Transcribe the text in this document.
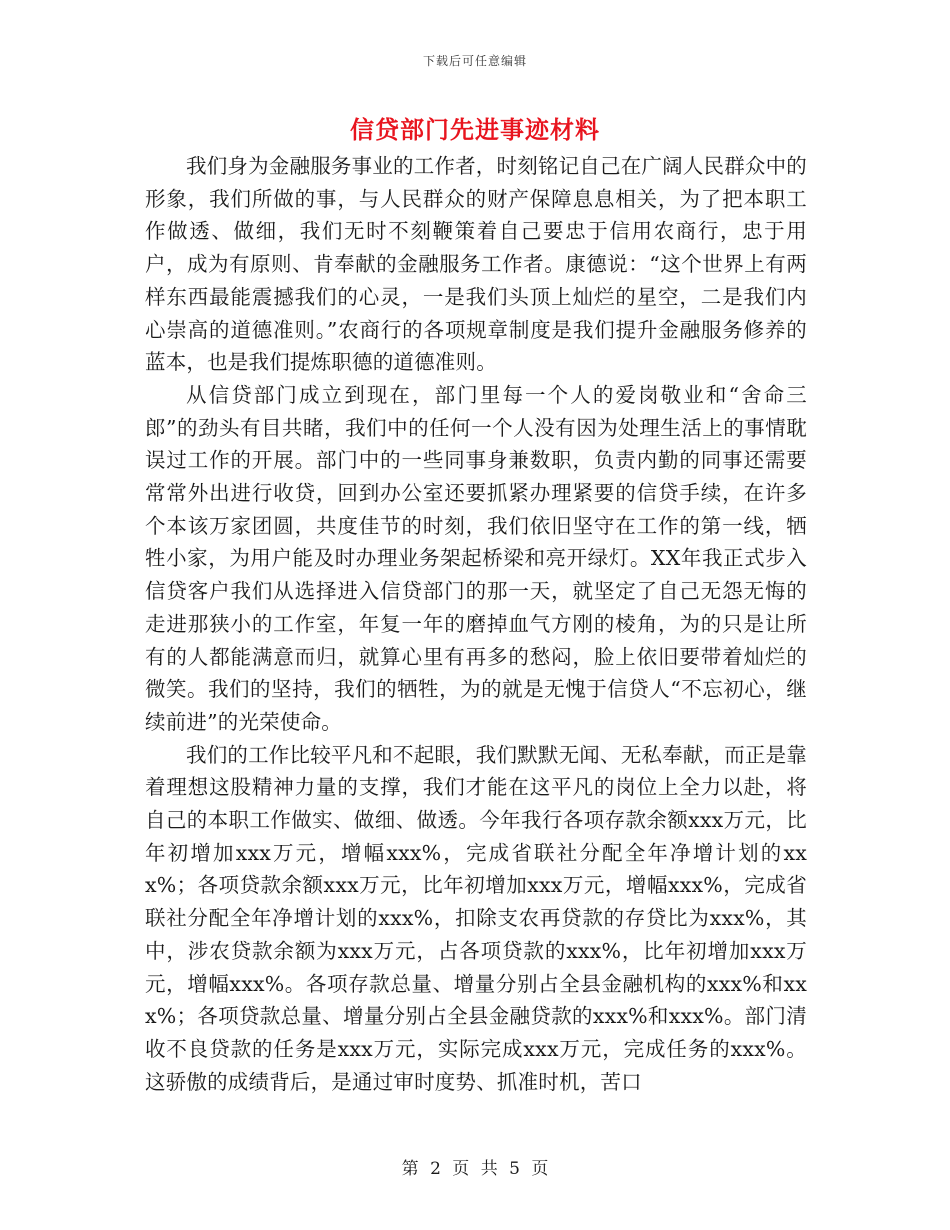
下载后可任意编辑
信贷部门先进事迹材料

我们身为金融服务事业的工作者，时刻铭记自己在广阔人民群众中的形象，我们所做的事，与人民群众的财产保障息息相关，为了把本职工作做透、做细，我们无时不刻鞭策着自己要忠于信用农商行，忠于用户，成为有原则、肯奉献的金融服务工作者。康德说：“这个世界上有两样东西最能震撼我们的心灵，一是我们头顶上灿烂的星空，二是我们内心崇高的道德准则。”农商行的各项规章制度是我们提升金融服务修养的蓝本，也是我们提炼职德的道德准则。

从信贷部门成立到现在，部门里每一个人的爱岗敬业和“舍命三郎”的劲头有目共睹，我们中的任何一个人没有因为处理生活上的事情耽误过工作的开展。部门中的一些同事身兼数职，负责内勤的同事还需要常常外出进行收贷，回到办公室还要抓紧办理紧要的信贷手续，在许多个本该万家团圆，共度佳节的时刻，我们依旧坚守在工作的第一线，牺牲小家，为用户能及时办理业务架起桥梁和亮开绿灯。XX年我正式步入信贷客户我们从选择进入信贷部门的那一天，就坚定了自己无怨无悔的走进那狭小的工作室，年复一年的磨掉血气方刚的棱角，为的只是让所有的人都能满意而归，就算心里有再多的愁闷，脸上依旧要带着灿烂的微笑。我们的坚持，我们的牺牲，为的就是无愧于信贷人“不忘初心，继续前进”的光荣使命。

我们的工作比较平凡和不起眼，我们默默无闻、无私奉献，而正是靠着理想这股精神力量的支撑，我们才能在这平凡的岗位上全力以赴，将自己的本职工作做实、做细、做透。今年我行各项存款余额xxx万元，比年初增加xxx万元，增幅xxx%，完成省联社分配全年净增计划的xxx%；各项贷款余额xxx万元，比年初增加xxx万元，增幅xxx%，完成省联社分配全年净增计划的xxx%，扣除支农再贷款的存贷比为xxx%，其中，涉农贷款余额为xxx万元，占各项贷款的xxx%，比年初增加xxx万元，增幅xxx%。各项存款总量、增量分别占全县金融机构的xxx%和xxx%；各项贷款总量、增量分别占全县金融贷款的xxx%和xxx%。部门清收不良贷款的任务是xxx万元，实际完成xxx万元，完成任务的xxx%。这骄傲的成绩背后，是通过审时度势、抓准时机，苦口

第 2 页 共 5 页
